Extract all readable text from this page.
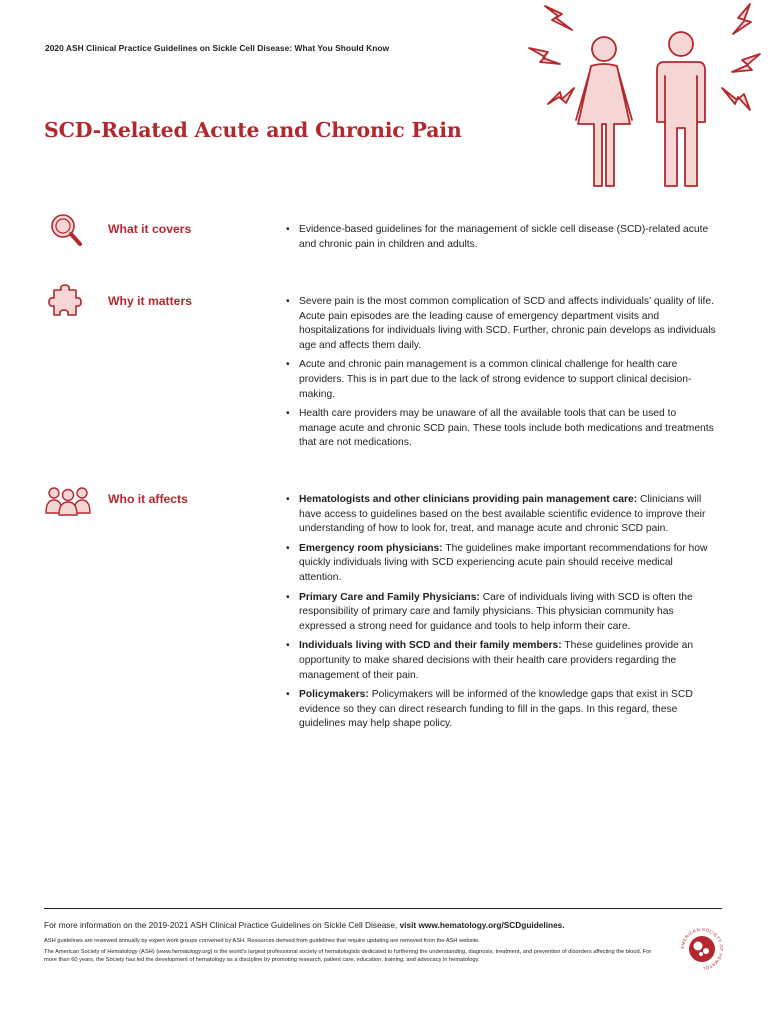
2020 ASH Clinical Practice Guidelines on Sickle Cell Disease: What You Should Know
SCD-Related Acute and Chronic Pain
What it covers	• Evidence-based guidelines for the management of sickle cell disease (SCD)-related acute and chronic pain in children and adults.
Why it matters	• Severe pain is the most common complication of SCD and affects individuals’ quality of life. Acute pain episodes are the leading cause of emergency department visits and hospitalizations for individuals living with SCD. Further, chronic pain develops as individuals age and affects them daily.
• Acute and chronic pain management is a common clinical challenge for health care providers. This is in part due to the lack of strong evidence to support clinical decision-making.
• Health care providers may be unaware of all the available tools that can be used to manage acute and chronic SCD pain. These tools include both medications and treatments that are not medications.
Who it affects	• Hematologists and other clinicians providing pain management care: Clinicians will have access to guidelines based on the best available scientific evidence to improve their understanding of how to look for, treat, and manage acute and chronic SCD pain.
• Emergency room physicians: The guidelines make important recommendations for how quickly individuals living with SCD experiencing acute pain should receive medical attention.
• Primary Care and Family Physicians: Care of individuals living with SCD is often the responsibility of primary care and family physicians. This physician community has expressed a strong need for guidance and tools to help inform their care.
• Individuals living with SCD and their family members: These guidelines provide an opportunity to make shared decisions with their health care providers regarding the management of their pain.
• Policymakers: Policymakers will be informed of the knowledge gaps that exist in SCD evidence so they can direct research funding to fill in the gaps. In this regard, these guidelines may help shape policy.
For more information on the 2019-2021 ASH Clinical Practice Guidelines on Sickle Cell Disease, visit www.hematology.org/SCDguidelines.
ASH guidelines are reviewed annually by expert work groups convened by ASH. Resources derived from guidelines that require updating are removed from the ASH website.
The American Society of Hematology (ASH) (www.hematology.org) is the world’s largest professional society of hematologists dedicated to furthering the understanding, diagnosis, treatment, and prevention of disorders affecting the blood. For more than 60 years, the Society has led the development of hematology as a discipline by promoting research, patient care, education, training, and advocacy in hematology.
AMERICAN SOCIETY OF HEMATOL
